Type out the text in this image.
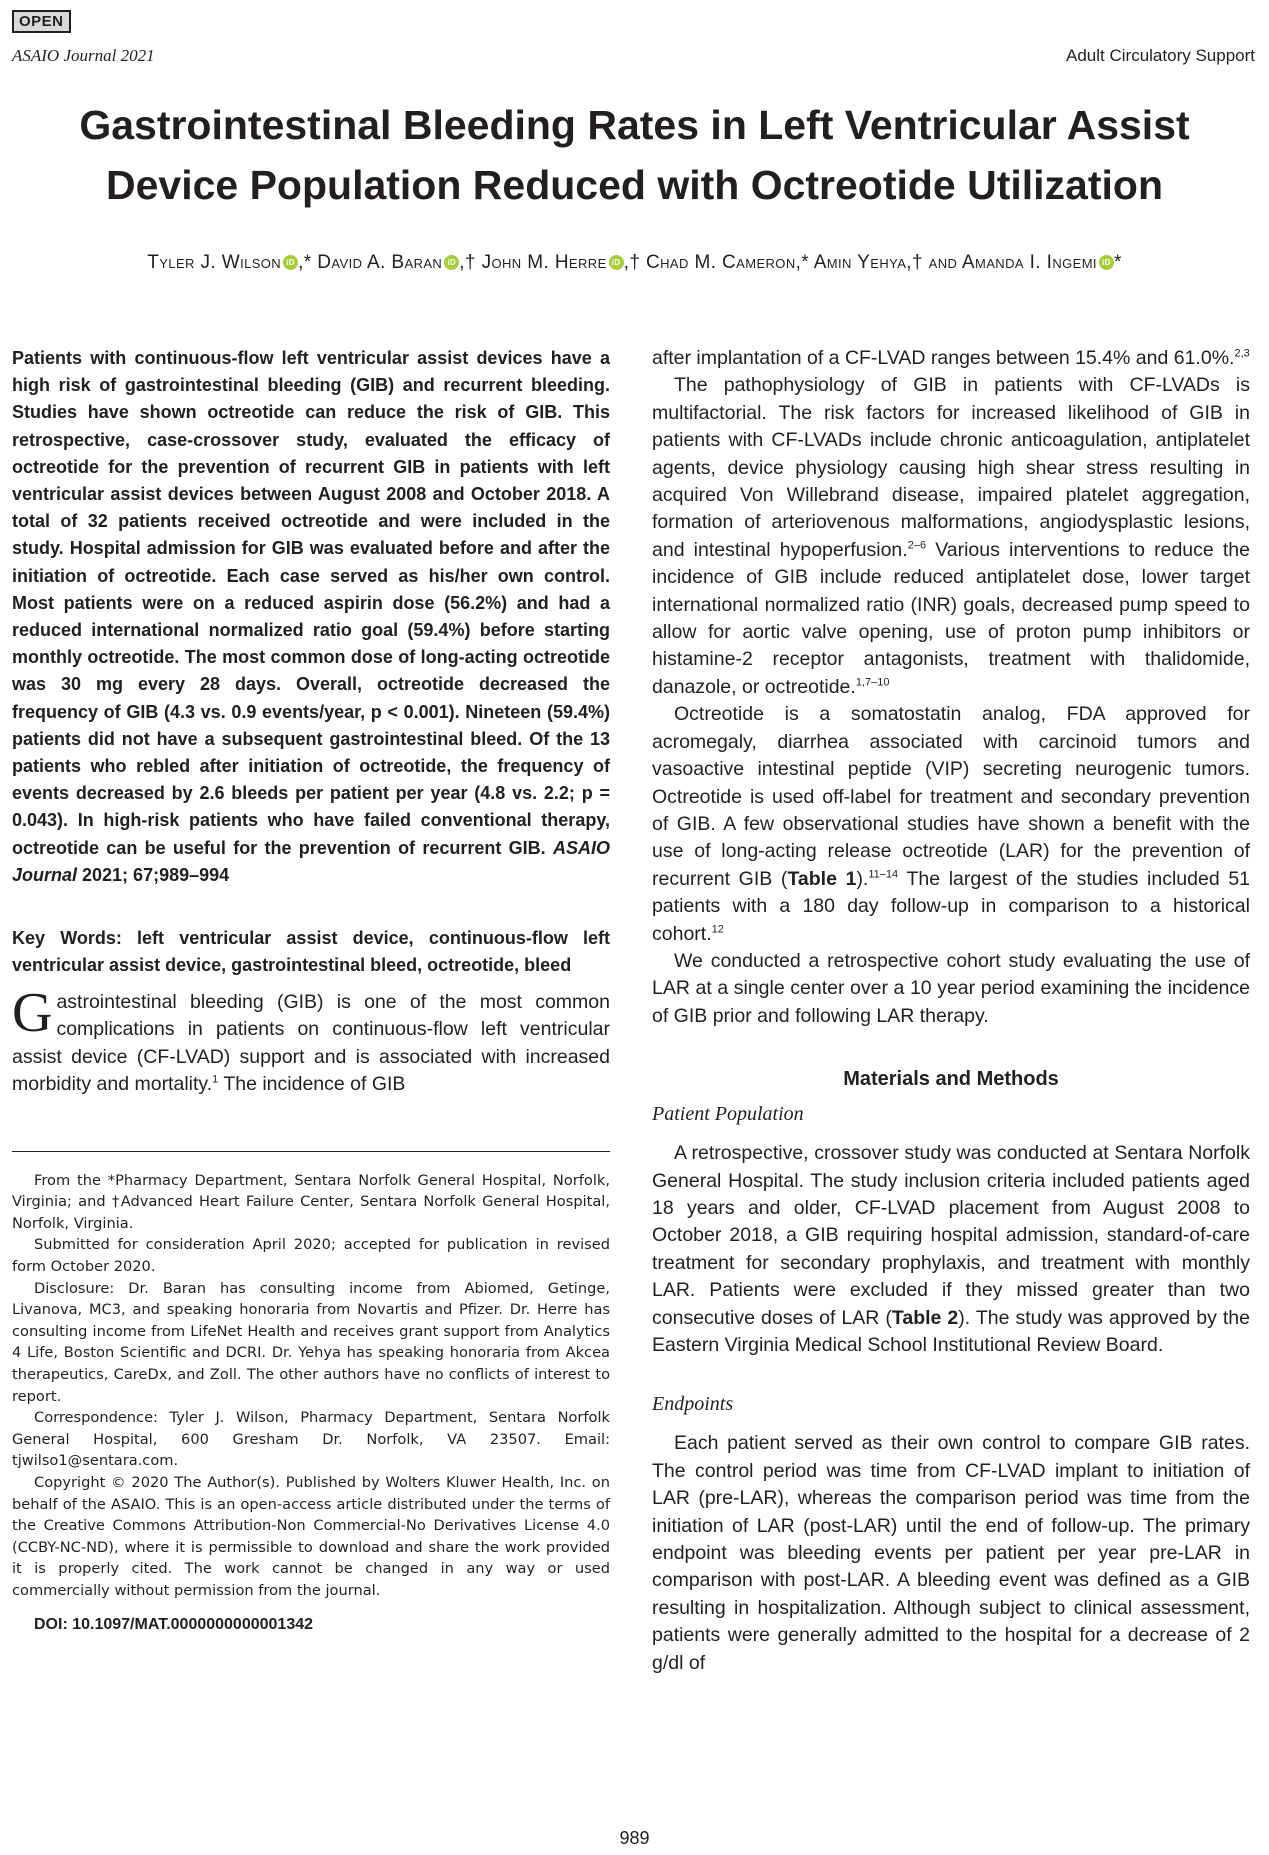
OPEN
ASAIO Journal 2021	Adult Circulatory Support
Gastrointestinal Bleeding Rates in Left Ventricular Assist
Device Population Reduced with Octreotide Utilization
Tyler J. Wilson iD ,* David A. Baran iD ,† John M. Herre iD ,† Chad M. Cameron,* Amin Yehya,† and Amanda I. Ingemi iD *

Patients with continuous-flow left ventricular assist devices have a high risk of gastrointestinal bleeding (GIB) and recurrent bleeding. Studies have shown octreotide can reduce the risk of GIB. This retrospective, case-crossover study, evaluated the efficacy of octreotide for the prevention of recurrent GIB in patients with left ventricular assist devices between August 2008 and October 2018. A total of 32 patients received octreotide and were included in the study. Hospital admission for GIB was evaluated before and after the initiation of octreotide. Each case served as his/her own control. Most patients were on a reduced aspirin dose (56.2%) and had a reduced international normalized ratio goal (59.4%) before starting monthly octreotide. The most common dose of long-acting octreotide was 30 mg every 28 days. Overall, octreotide decreased the frequency of GIB (4.3 vs. 0.9 events/year, p < 0.001). Nineteen (59.4%) patients did not have a subsequent gastrointestinal bleed. Of the 13 patients who rebled after initiation of octreotide, the frequency of events decreased by 2.6 bleeds per patient per year (4.8 vs. 2.2; p = 0.043). In high-risk patients who have failed conventional therapy, octreotide can be useful for the prevention of recurrent GIB. ASAIO Journal 2021; 67;989–994

Key Words: left ventricular assist device, continuous-flow left ventricular assist device, gastrointestinal bleed, octreotide, bleed

Gastrointestinal bleeding (GIB) is one of the most common complications in patients on continuous-flow left ventricular assist device (CF-LVAD) support and is associated with increased morbidity and mortality.$^1$ The incidence of GIB

From the *Pharmacy Department, Sentara Norfolk General Hospital, Norfolk, Virginia; and †Advanced Heart Failure Center, Sentara Norfolk General Hospital, Norfolk, Virginia.

Submitted for consideration April 2020; accepted for publication in revised form October 2020.

Disclosure: Dr. Baran has consulting income from Abiomed, Getinge, Livanova, MC3, and speaking honoraria from Novartis and Pfizer. Dr. Herre has consulting income from LifeNet Health and receives grant support from Analytics 4 Life, Boston Scientific and DCRI. Dr. Yehya has speaking honoraria from Akcea therapeutics, CareDx, and Zoll. The other authors have no conflicts of interest to report.

Correspondence: Tyler J. Wilson, Pharmacy Department, Sentara Norfolk General Hospital, 600 Gresham Dr. Norfolk, VA 23507. Email: tjwilso1@sentara.com.

Copyright © 2020 The Author(s). Published by Wolters Kluwer Health, Inc. on behalf of the ASAIO. This is an open-access article distributed under the terms of the Creative Commons Attribution-Non Commercial-No Derivatives License 4.0 (CCBY-NC-ND), where it is permissible to download and share the work provided it is properly cited. The work cannot be changed in any way or used commercially without permission from the journal.

DOI: 10.1097/MAT.0000000000001342

after implantation of a CF-LVAD ranges between 15.4% and 61.0%.$^{2,3}$

The pathophysiology of GIB in patients with CF-LVADs is multifactorial. The risk factors for increased likelihood of GIB in patients with CF-LVADs include chronic anticoagulation, antiplatelet agents, device physiology causing high shear stress resulting in acquired Von Willebrand disease, impaired platelet aggregation, formation of arteriovenous malformations, angiodysplastic lesions, and intestinal hypoperfusion.$^{2-6}$ Various interventions to reduce the incidence of GIB include reduced antiplatelet dose, lower target international normalized ratio (INR) goals, decreased pump speed to allow for aortic valve opening, use of proton pump inhibitors or histamine-2 receptor antagonists, treatment with thalidomide, danazole, or octreotide.$^{1,7-10}$

Octreotide is a somatostatin analog, FDA approved for acromegaly, diarrhea associated with carcinoid tumors and vasoactive intestinal peptide (VIP) secreting neurogenic tumors. Octreotide is used off-label for treatment and secondary prevention of GIB. A few observational studies have shown a benefit with the use of long-acting release octreotide (LAR) for the prevention of recurrent GIB (Table 1).$^{11-14}$ The largest of the studies included 51 patients with a 180 day follow-up in comparison to a historical cohort.$^{12}$

We conducted a retrospective cohort study evaluating the use of LAR at a single center over a 10 year period examining the incidence of GIB prior and following LAR therapy.

Materials and Methods
Patient Population

A retrospective, crossover study was conducted at Sentara Norfolk General Hospital. The study inclusion criteria included patients aged 18 years and older, CF-LVAD placement from August 2008 to October 2018, a GIB requiring hospital admission, standard-of-care treatment for secondary prophylaxis, and treatment with monthly LAR. Patients were excluded if they missed greater than two consecutive doses of LAR (Table 2). The study was approved by the Eastern Virginia Medical School Institutional Review Board.

Endpoints

Each patient served as their own control to compare GIB rates. The control period was time from CF-LVAD implant to initiation of LAR (pre-LAR), whereas the comparison period was time from the initiation of LAR (post-LAR) until the end of follow-up. The primary endpoint was bleeding events per patient per year pre-LAR in comparison with post-LAR. A bleeding event was defined as a GIB resulting in hospitalization. Although subject to clinical assessment, patients were generally admitted to the hospital for a decrease of 2 g/dl of

989
